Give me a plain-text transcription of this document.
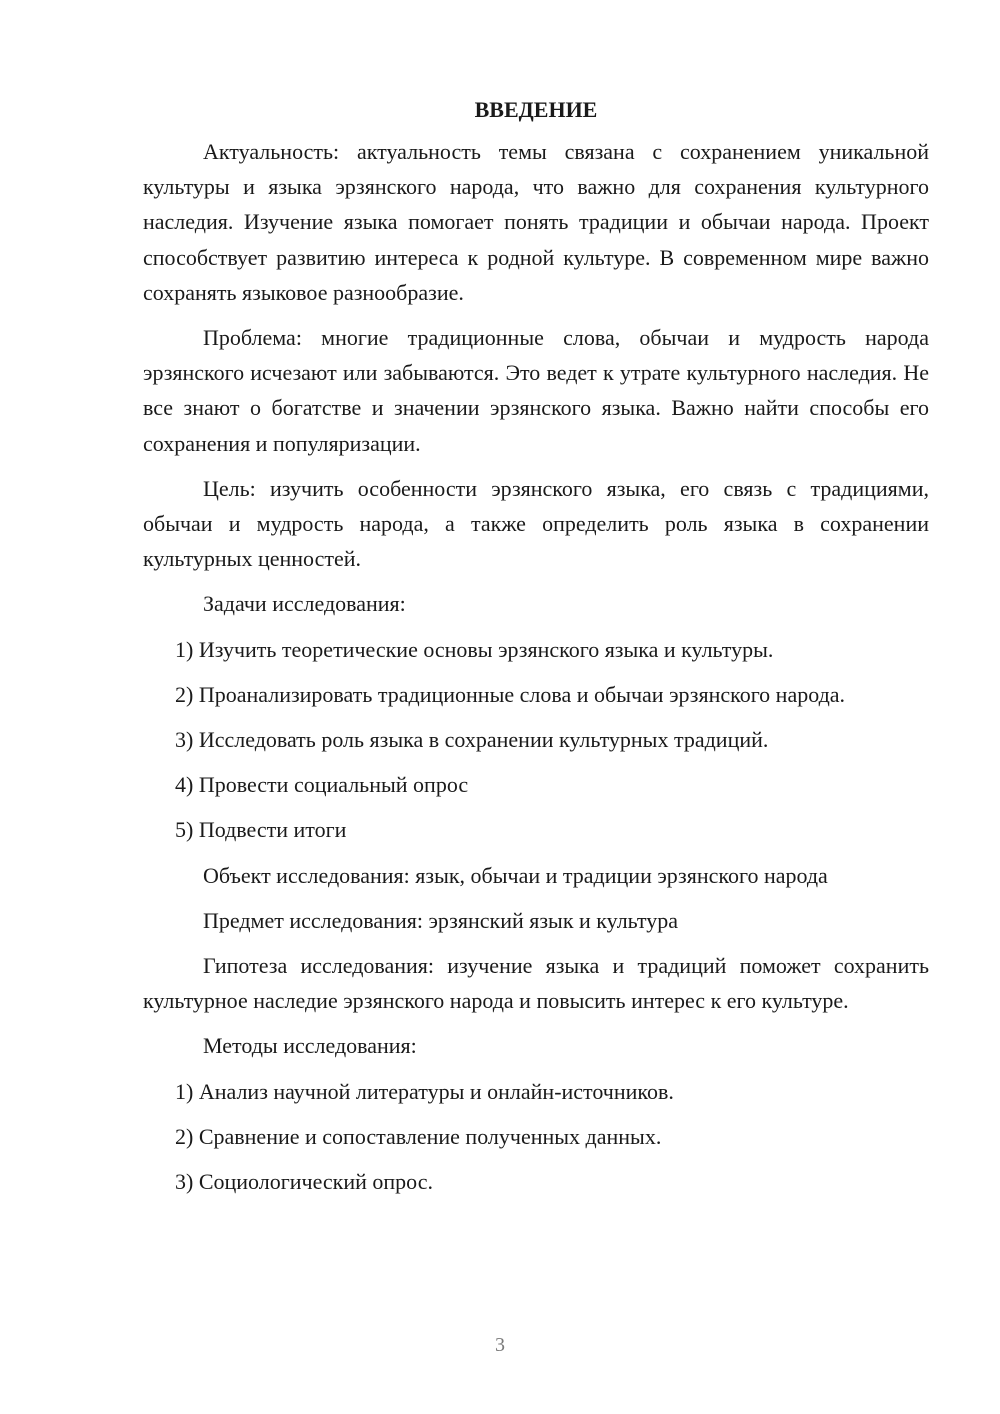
ВВЕДЕНИЕ

Актуальность: актуальность темы связана с сохранением уникальной культуры и языка эрзянского народа, что важно для сохранения культурного наследия. Изучение языка помогает понять традиции и обычаи народа. Проект способствует развитию интереса к родной культуре. В современном мире важно сохранять языковое разнообразие.

Проблема: многие традиционные слова, обычаи и мудрость народа эрзянского исчезают или забываются. Это ведет к утрате культурного наследия. Не все знают о богатстве и значении эрзянского языка. Важно найти способы его сохранения и популяризации.

Цель: изучить особенности эрзянского языка, его связь с традициями, обычаи и мудрость народа, а также определить роль языка в сохранении культурных ценностей.

Задачи исследования:

1) Изучить теоретические основы эрзянского языка и культуры.

2) Проанализировать традиционные слова и обычаи эрзянского народа.

3) Исследовать роль языка в сохранении культурных традиций.

4) Провести социальный опрос

5) Подвести итоги

Объект исследования: язык, обычаи и традиции эрзянского народа

Предмет исследования: эрзянский язык и культура

Гипотеза исследования: изучение языка и традиций поможет сохранить культурное наследие эрзянского народа и повысить интерес к его культуре.

Методы исследования:

1) Анализ научной литературы и онлайн-источников.

2) Сравнение и сопоставление полученных данных.

3) Социологический опрос.

3
